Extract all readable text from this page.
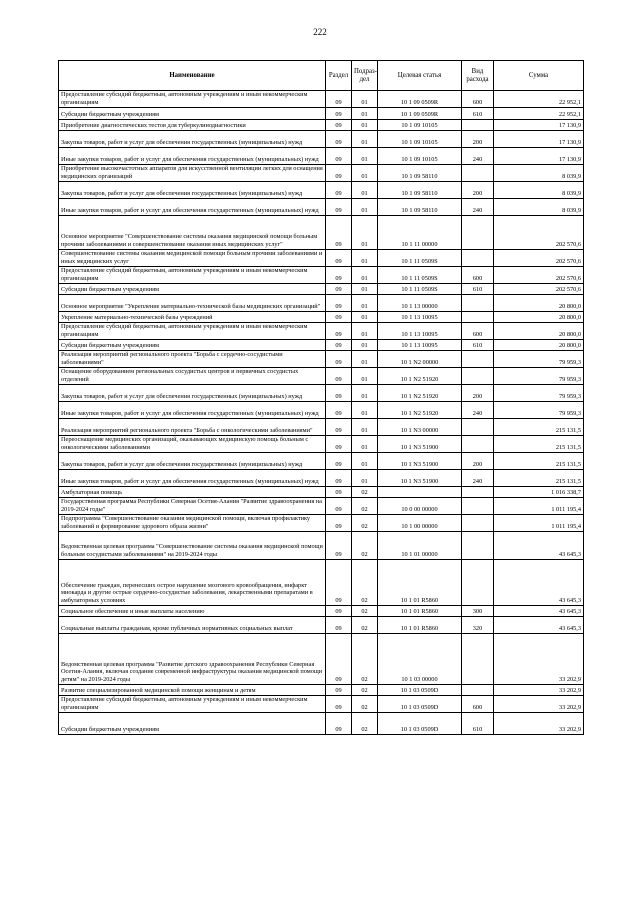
222
Наименование	Раздел	Подраз-дел	Целевая статья	Вид расхода	Сумма
Предоставление субсидий бюджетным, автономным учреждениям и иным некоммерческим организациям	09	01	10 1 09 0509R	600	22 952,1
Субсидии бюджетным учреждениям	09	01	10 1 09 0509R	610	22 952,1
Приобретение диагностических тестов для туберкулинодиагностики	09	01	10 1 09 10105		17 130,9
Закупка товаров, работ и услуг для обеспечения государственных (муниципальных) нужд	09	01	10 1 09 10105	200	17 130,9
Иные закупки товаров, работ и услуг для обеспечения государственных (муниципальных) нужд	09	01	10 1 09 10105	240	17 130,9
Приобретение высокочастотных аппаратов для искусственной вентиляции легких для оснащения медицинских организаций	09	01	10 1 09 58110		8 039,9
Закупка товаров, работ и услуг для обеспечения государственных (муниципальных) нужд	09	01	10 1 09 58110	200	8 039,9
Иные закупки товаров, работ и услуг для обеспечения государственных (муниципальных) нужд	09	01	10 1 09 58110	240	8 039,9
Основное мероприятие "Совершенствование системы оказания медицинской помощи больным прочими заболеваниями и совершенствование оказания иных медицинских услуг"	09	01	10 1 11 00000		202 570,6
Совершенствование системы оказания медицинской помощи больным прочими заболеваниями и иных медицинских услуг	09	01	10 1 11 0509S		202 570,6
Предоставление субсидий бюджетным, автономным учреждениям и иным некоммерческим организациям	09	01	10 1 11 0509S	600	202 570,6
Субсидии бюджетным учреждениям	09	01	10 1 11 0509S	610	202 570,6
Основное мероприятие "Укрепление материально-технической базы медицинских организаций"	09	01	10 1 13 00000		20 800,0
Укрепление материально-технической базы учреждений	09	01	10 1 13 10095		20 800,0
Предоставление субсидий бюджетным, автономным учреждениям и иным некоммерческим организациям	09	01	10 1 13 10095	600	20 800,0
Субсидии бюджетным учреждениям	09	01	10 1 13 10095	610	20 800,0
Реализация мероприятий регионального проекта "Борьба с сердечно-сосудистыми заболеваниями"	09	01	10 1 N2 00000		79 959,3
Оснащение оборудованием региональных сосудистых центров и первичных сосудистых отделений	09	01	10 1 N2 51920		79 959,3
Закупка товаров, работ и услуг для обеспечения государственных (муниципальных) нужд	09	01	10 1 N2 51920	200	79 959,3
Иные закупки товаров, работ и услуг для обеспечения государственных (муниципальных) нужд	09	01	10 1 N2 51920	240	79 959,3
Реализация мероприятий регионального проекта "Борьба с онкологическими заболеваниями"	09	01	10 1 N3 00000		215 131,5
Переоснащение медицинских организаций, оказывающих медицинскую помощь больным с онкологическими заболеваниями	09	01	10 1 N3 51900		215 131,5
Закупка товаров, работ и услуг для обеспечения государственных (муниципальных) нужд	09	01	10 1 N3 51900	200	215 131,5
Иные закупки товаров, работ и услуг для обеспечения государственных (муниципальных) нужд	09	01	10 1 N3 51900	240	215 131,5
Амбулаторная помощь	09	02			1 016 338,7
Государственная программа Республики Северная Осетия-Алания "Развитие здравоохранения на 2019-2024 годы"	09	02	10 0 00 00000		1 011 195,4
Подпрограмма "Совершенствование оказания медицинской помощи, включая профилактику заболеваний и формирование здорового образа жизни"	09	02	10 1 00 00000		1 011 195,4
Ведомственная целевая программа "Совершенствование системы оказания медицинской помощи больным сосудистыми заболеваниями" на 2019-2024 годы	09	02	10 1 01 00000		43 645,3
Обеспечение граждан, перенесших острое нарушение мозгового кровообращения, инфаркт миокарда и другие острые сердечно-сосудистые заболевания, лекарственными препаратами в амбулаторных условиях	09	02	10 1 01 R5860		43 645,3
Социальное обеспечение и иные выплаты населению	09	02	10 1 01 R5860	300	43 645,3
Социальные выплаты гражданам, кроме публичных нормативных социальных выплат	09	02	10 1 01 R5860	320	43 645,3
Ведомственная целевая программа "Развитие детского здравоохранения Республики Северная Осетия-Алания, включая создание современной инфраструктуры оказания медицинской помощи детям" на 2019-2024 годы	09	02	10 1 03 00000		33 202,9
Развитие специализированной медицинской помощи женщинам и детям	09	02	10 1 03 0509D		33 202,9
Предоставление субсидий бюджетным, автономным учреждениям и иным некоммерческим организациям	09	02	10 1 03 0509D	600	33 202,9
Субсидии бюджетным учреждениям	09	02	10 1 03 0509D	610	33 202,9
